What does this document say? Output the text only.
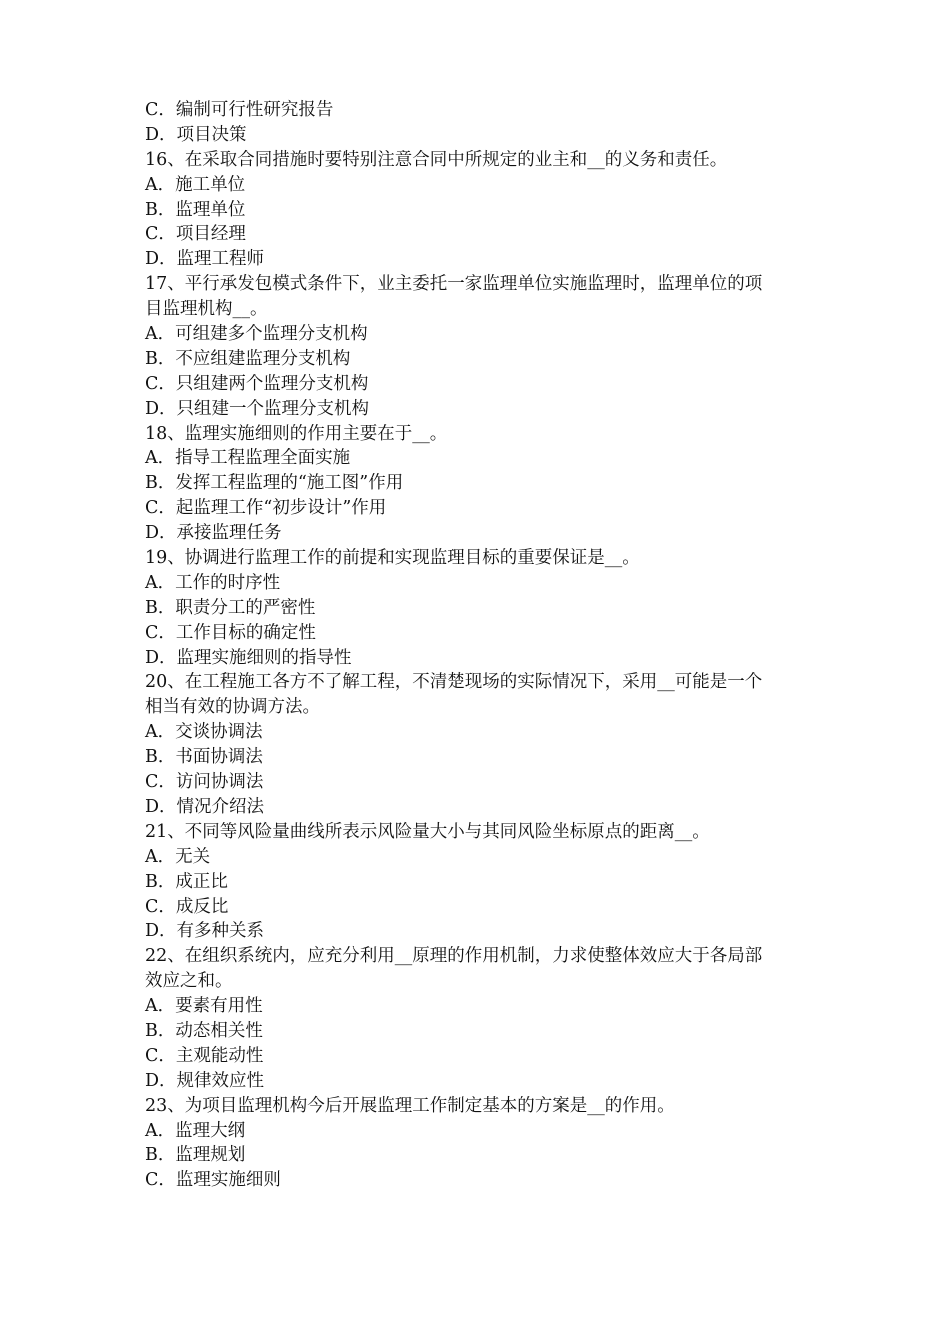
C．编制可行性研究报告
D．项目决策
16、在采取合同措施时要特别注意合同中所规定的业主和__的义务和责任。
A．施工单位
B．监理单位
C．项目经理
D．监理工程师
17、平行承发包模式条件下，业主委托一家监理单位实施监理时，监理单位的项
目监理机构__。
A．可组建多个监理分支机构
B．不应组建监理分支机构
C．只组建两个监理分支机构
D．只组建一个监理分支机构
18、监理实施细则的作用主要在于__。
A．指导工程监理全面实施
B．发挥工程监理的“施工图”作用
C．起监理工作“初步设计”作用
D．承接监理任务
19、协调进行监理工作的前提和实现监理目标的重要保证是__。
A．工作的时序性
B．职责分工的严密性
C．工作目标的确定性
D．监理实施细则的指导性
20、在工程施工各方不了解工程，不清楚现场的实际情况下，采用__可能是一个
相当有效的协调方法。
A．交谈协调法
B．书面协调法
C．访问协调法
D．情况介绍法
21、不同等风险量曲线所表示风险量大小与其同风险坐标原点的距离__。
A．无关
B．成正比
C．成反比
D．有多种关系
22、在组织系统内，应充分利用__原理的作用机制，力求使整体效应大于各局部
效应之和。
A．要素有用性
B．动态相关性
C．主观能动性
D．规律效应性
23、为项目监理机构今后开展监理工作制定基本的方案是__的作用。
A．监理大纲
B．监理规划
C．监理实施细则
